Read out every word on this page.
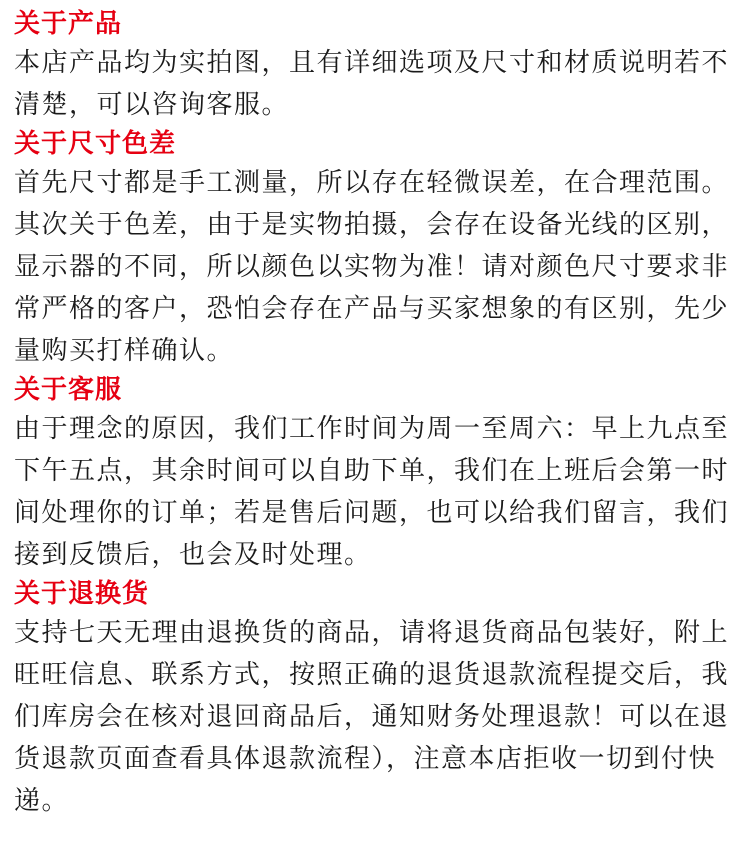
关于产品

本店产品均为实拍图，且有详细选项及尺寸和材质说明若不清楚，可以咨询客服。

关于尺寸色差

首先尺寸都是手工测量，所以存在轻微误差，在合理范围。其次关于色差，由于是实物拍摄，会存在设备光线的区别，显示器的不同，所以颜色以实物为准！请对颜色尺寸要求非常严格的客户，恐怕会存在产品与买家想象的有区别，先少量购买打样确认。

关于客服

由于理念的原因，我们工作时间为周一至周六：早上九点至下午五点，其余时间可以自助下单，我们在上班后会第一时间处理你的订单；若是售后问题，也可以给我们留言，我们接到反馈后，也会及时处理。

关于退换货

支持七天无理由退换货的商品，请将退货商品包装好，附上旺旺信息、联系方式，按照正确的退货退款流程提交后，我们库房会在核对退回商品后，通知财务处理退款！可以在退货退款页面查看具体退款流程），注意本店拒收一切到付快递。
